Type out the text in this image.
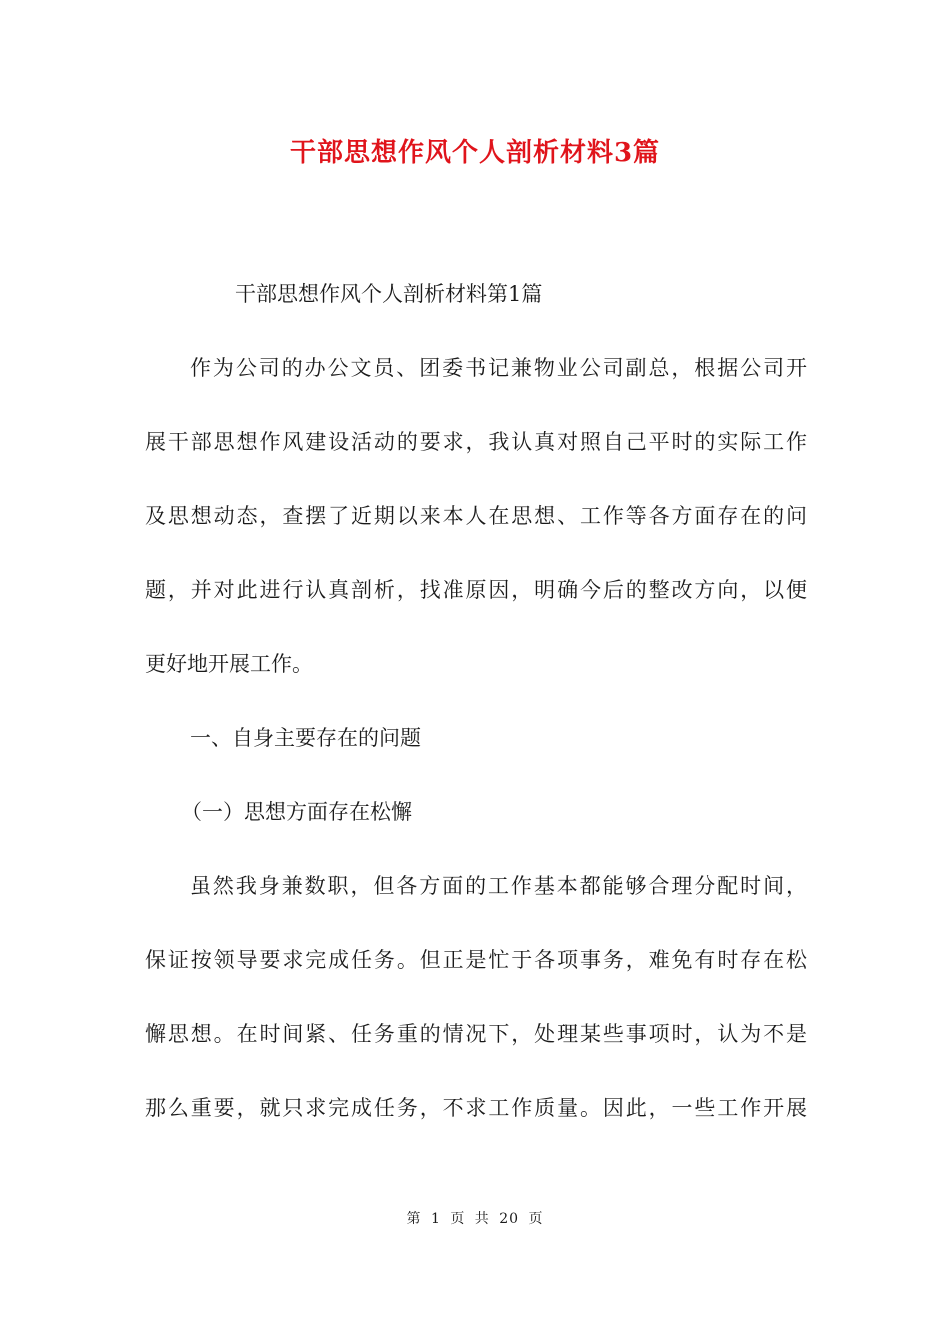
干部思想作风个人剖析材料3篇
干部思想作风个人剖析材料第1篇
作为公司的办公文员、团委书记兼物业公司副总，根据公司开
展干部思想作风建设活动的要求，我认真对照自己平时的实际工作
及思想动态，查摆了近期以来本人在思想、工作等各方面存在的问
题，并对此进行认真剖析，找准原因，明确今后的整改方向，以便
更好地开展工作。
一、自身主要存在的问题
（一）思想方面存在松懈
虽然我身兼数职，但各方面的工作基本都能够合理分配时间，
保证按领导要求完成任务。但正是忙于各项事务，难免有时存在松
懈思想。在时间紧、任务重的情况下，处理某些事项时，认为不是
那么重要，就只求完成任务，不求工作质量。因此，一些工作开展
第 1 页 共 20 页
